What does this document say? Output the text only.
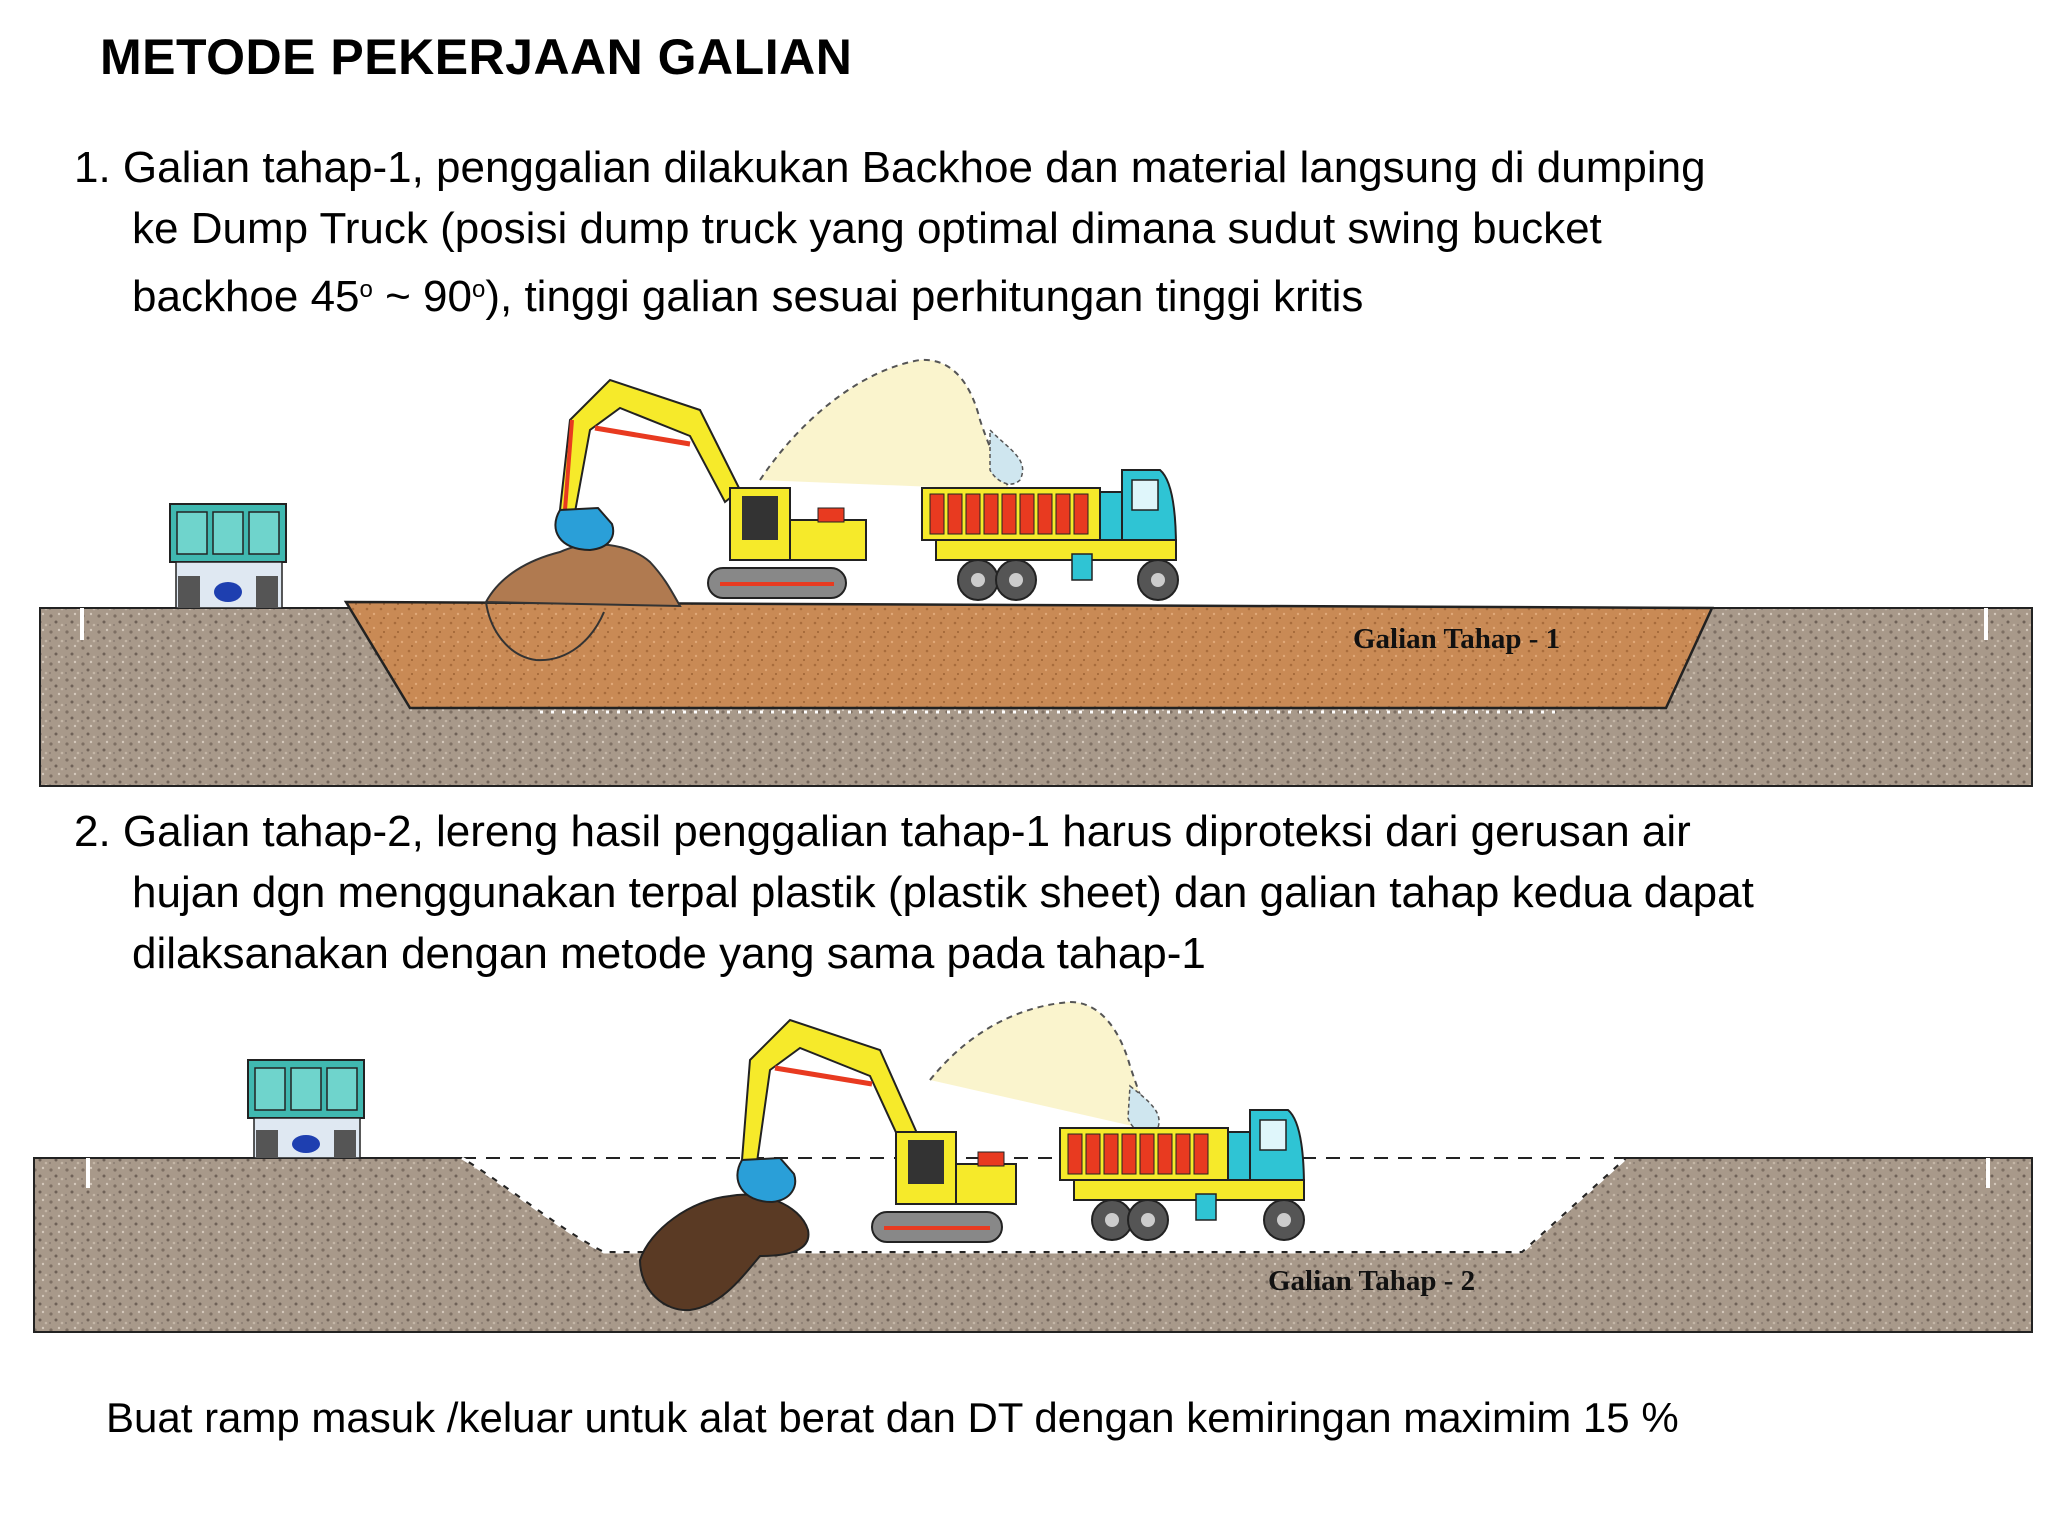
METODE PEKERJAAN GALIAN
1. Galian tahap-1, penggalian dilakukan Backhoe dan material langsung di dumping
ke Dump Truck (posisi dump truck yang optimal dimana sudut swing bucket
backhoe 45$^o$ ~ 90$^o$), tinggi galian sesuai perhitungan tinggi kritis
Galian Tahap - 1
2. Galian tahap-2, lereng hasil penggalian tahap-1 harus diproteksi dari gerusan air
hujan dgn menggunakan terpal plastik (plastik sheet) dan galian tahap kedua dapat
dilaksanakan dengan metode yang sama pada tahap-1
Galian Tahap - 2
Buat ramp masuk /keluar untuk alat berat dan DT dengan kemiringan maximim 15 %
